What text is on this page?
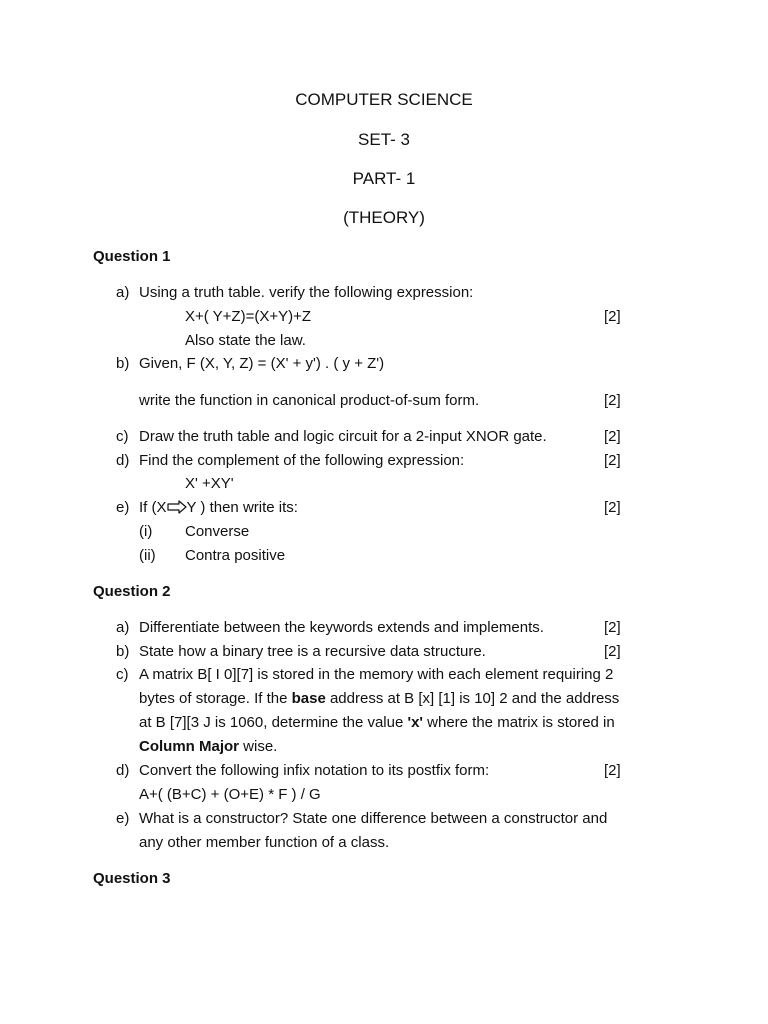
COMPUTER SCIENCE
SET- 3
PART- 1
(THEORY)
Question 1
a) Using a truth table. verify the following expression:
X+( Y+Z)=(X+Y)+Z	[2]
Also state the law.
b) Given, F (X, Y, Z) = (X' + y') . ( y + Z')
write the function in canonical product-of-sum form.	[2]
c) Draw the truth table and logic circuit for a 2-input XNOR gate.	[2]
d) Find the complement of the following expression:	[2]
X' +XY'
e) If (X Y ) then write its:	[2]
(i) Converse
(ii) Contra positive
Question 2
a) Differentiate between the keywords extends and implements.	[2]
b) State how a binary tree is a recursive data structure.	[2]
c) A matrix B[ I 0][7] is stored in the memory with each element requiring 2
bytes of storage. If the base address at B [x] [1] is 10] 2 and the address
at B [7][3 J is 1060, determine the value 'x' where the matrix is stored in
Column Major wise.
d) Convert the following infix notation to its postfix form:	[2]
A+( (B+C) + (O+E) * F ) / G
e) What is a constructor? State one difference between a constructor and
any other member function of a class.
Question 3
